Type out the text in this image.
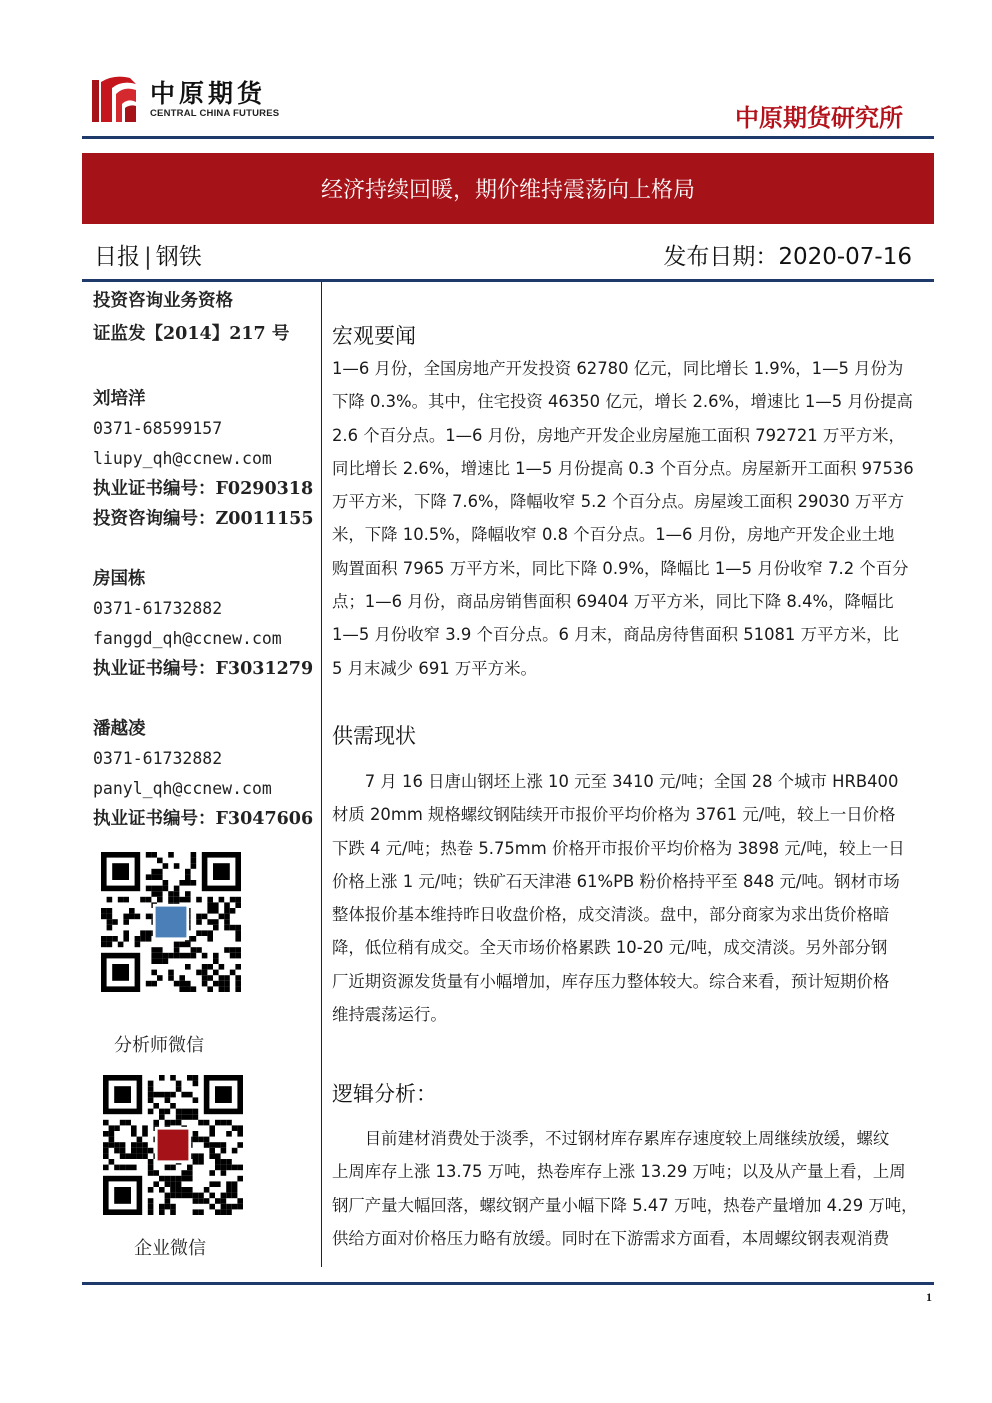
中原期货
CENTRAL CHINA FUTURES	中原期货研究所
经济持续回暖，期价维持震荡向上格局
日报 | 钢铁	发布日期：2020-07-16
投资咨询业务资格
证监发【2014】217 号
刘培洋
0371-68599157
liupy_qh@ccnew.com
执业证书编号：F0290318
投资咨询编号：Z0011155
房国栋
0371-61732882
fanggd_qh@ccnew.com
执业证书编号：F3031279
潘越凌
0371-61732882
panyl_qh@ccnew.com
执业证书编号：F3047606
分析师微信
企业微信
宏观要闻
1—6 月份，全国房地产开发投资 62780 亿元，同比增长 1.9%，1—5 月份为
下降 0.3%。其中，住宅投资 46350 亿元，增长 2.6%，增速比 1—5 月份提高
2.6 个百分点。1—6 月份，房地产开发企业房屋施工面积 792721 万平方米，
同比增长 2.6%，增速比 1—5 月份提高 0.3 个百分点。房屋新开工面积 97536
万平方米，下降 7.6%，降幅收窄 5.2 个百分点。房屋竣工面积 29030 万平方
米，下降 10.5%，降幅收窄 0.8 个百分点。1—6 月份，房地产开发企业土地
购置面积 7965 万平方米，同比下降 0.9%，降幅比 1—5 月份收窄 7.2 个百分
点；1—6 月份，商品房销售面积 69404 万平方米，同比下降 8.4%，降幅比
1—5 月份收窄 3.9 个百分点。6 月末，商品房待售面积 51081 万平方米，比
5 月末减少 691 万平方米。
供需现状
7 月 16 日唐山钢坯上涨 10 元至 3410 元/吨；全国 28 个城市 HRB400
材质 20mm 规格螺纹钢陆续开市报价平均价格为 3761 元/吨，较上一日价格
下跌 4 元/吨；热卷 5.75mm 价格开市报价平均价格为 3898 元/吨，较上一日
价格上涨 1 元/吨；铁矿石天津港 61%PB 粉价格持平至 848 元/吨。钢材市场
整体报价基本维持昨日收盘价格，成交清淡。盘中，部分商家为求出货价格暗
降，低位稍有成交。全天市场价格累跌 10-20 元/吨，成交清淡。另外部分钢
厂近期资源发货量有小幅增加，库存压力整体较大。综合来看，预计短期价格
维持震荡运行。
逻辑分析：
目前建材消费处于淡季，不过钢材库存累库存速度较上周继续放缓，螺纹
上周库存上涨 13.75 万吨，热卷库存上涨 13.29 万吨；以及从产量上看，上周
钢厂产量大幅回落，螺纹钢产量小幅下降 5.47 万吨，热卷产量增加 4.29 万吨，
供给方面对价格压力略有放缓。同时在下游需求方面看，本周螺纹钢表观消费
1
